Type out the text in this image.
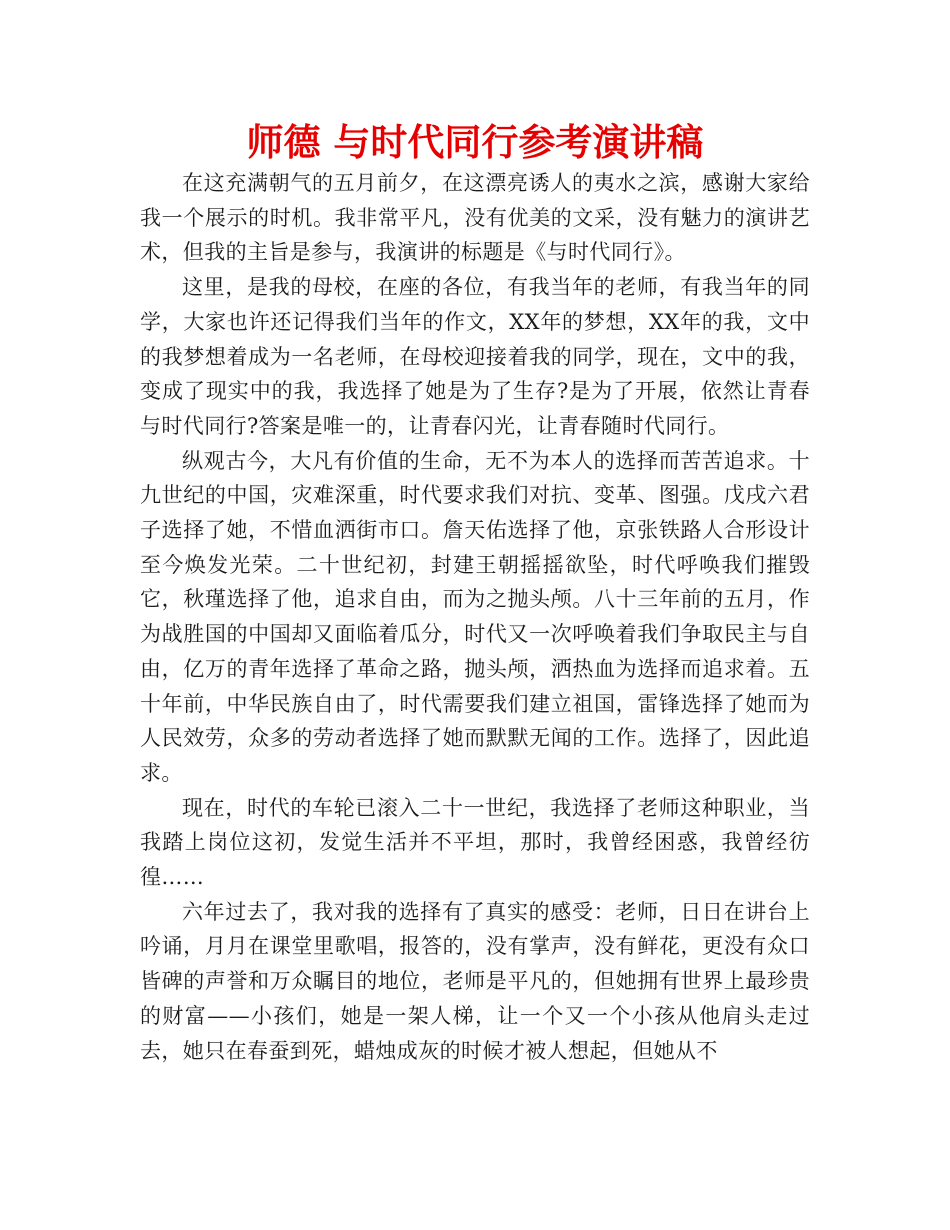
师德 与时代同行参考演讲稿

在这充满朝气的五月前夕，在这漂亮诱人的夷水之滨，感谢大家给我一个展示的时机。我非常平凡，没有优美的文采，没有魅力的演讲艺术，但我的主旨是参与，我演讲的标题是《与时代同行》。

这里，是我的母校，在座的各位，有我当年的老师，有我当年的同学，大家也许还记得我们当年的作文，XX年的梦想，XX年的我，文中的我梦想着成为一名老师，在母校迎接着我的同学，现在，文中的我，变成了现实中的我，我选择了她是为了生存?是为了开展，依然让青春与时代同行?答案是唯一的，让青春闪光，让青春随时代同行。

纵观古今，大凡有价值的生命，无不为本人的选择而苦苦追求。十九世纪的中国，灾难深重，时代要求我们对抗、变革、图强。戊戌六君子选择了她，不惜血洒街市口。詹天佑选择了他，京张铁路人合形设计至今焕发光荣。二十世纪初，封建王朝摇摇欲坠，时代呼唤我们摧毁它，秋瑾选择了他，追求自由，而为之抛头颅。八十三年前的五月，作为战胜国的中国却又面临着瓜分，时代又一次呼唤着我们争取民主与自由，亿万的青年选择了革命之路，抛头颅，洒热血为选择而追求着。五十年前，中华民族自由了，时代需要我们建立祖国，雷锋选择了她而为人民效劳，众多的劳动者选择了她而默默无闻的工作。选择了，因此追求。

现在，时代的车轮已滚入二十一世纪，我选择了老师这种职业，当我踏上岗位这初，发觉生活并不平坦，那时，我曾经困惑，我曾经彷徨……

六年过去了，我对我的选择有了真实的感受：老师，日日在讲台上吟诵，月月在课堂里歌唱，报答的，没有掌声，没有鲜花，更没有众口皆碑的声誉和万众瞩目的地位，老师是平凡的，但她拥有世界上最珍贵的财富——小孩们，她是一架人梯，让一个又一个小孩从他肩头走过去，她只在春蚕到死，蜡烛成灰的时候才被人想起，但她从不
